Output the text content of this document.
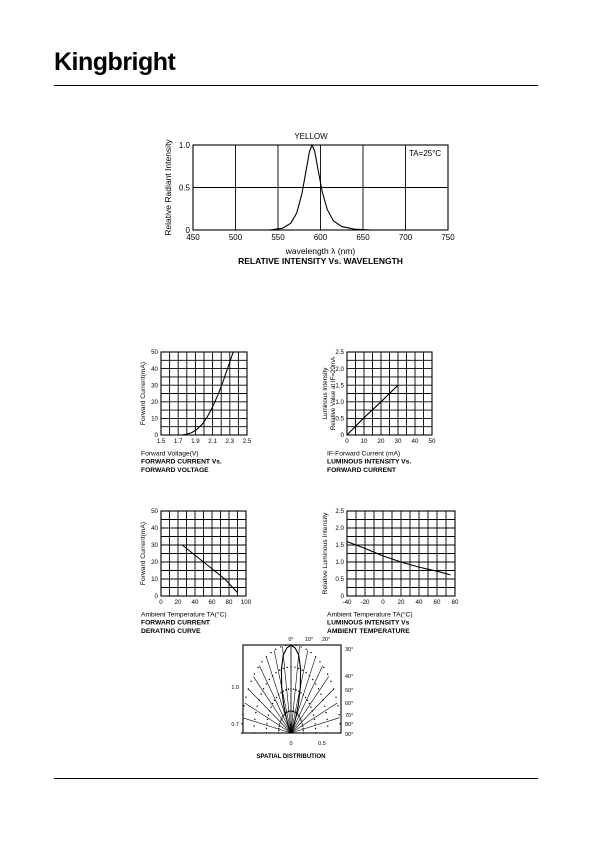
Kingbright
450	500	550	600	650	700	750
0
0.5
1.0
Relative Radiant Intensity
wavelength λ (nm)
RELATIVE INTENSITY Vs. WAVELENGTH
YELLOW
TA=25°C
1.5 1.7 1.9 2.1 2.3 2.5
0
10
20
30
40
50
Forward Current(mA)
Forward Voltage(V)
FORWARD CURRENT Vs.
FORWARD VOLTAGE
0 10 20 30 40 50
0
0.5
1.0
1.5
2.0
2.5
Luminous Intensity Relative Value at IF=20mA
IF-Forward Current (mA)
LUMINOUS INTENSITY Vs.
FORWARD CURRENT
0 20 40 60 80 100
0
10
20
30
40
50
Forward Current(mA)
Ambient Temperature TA(°C)
FORWARD CURRENT
DERATING CURVE
-40 -20 0 20 40 60 80
0
0.5
1.0
1.5
2.0
2.5
Relative Luminous Intensity
Ambient Temperature TA(°C)
LUMINOUS INTENSITY Vs
AMBIENT TEMPERATURE
0° 10° 20°
30°
40°
50°
60°
70°
80°
90°
1.0
0.7
0	0.5
SPATIAL DISTRIBUTION
